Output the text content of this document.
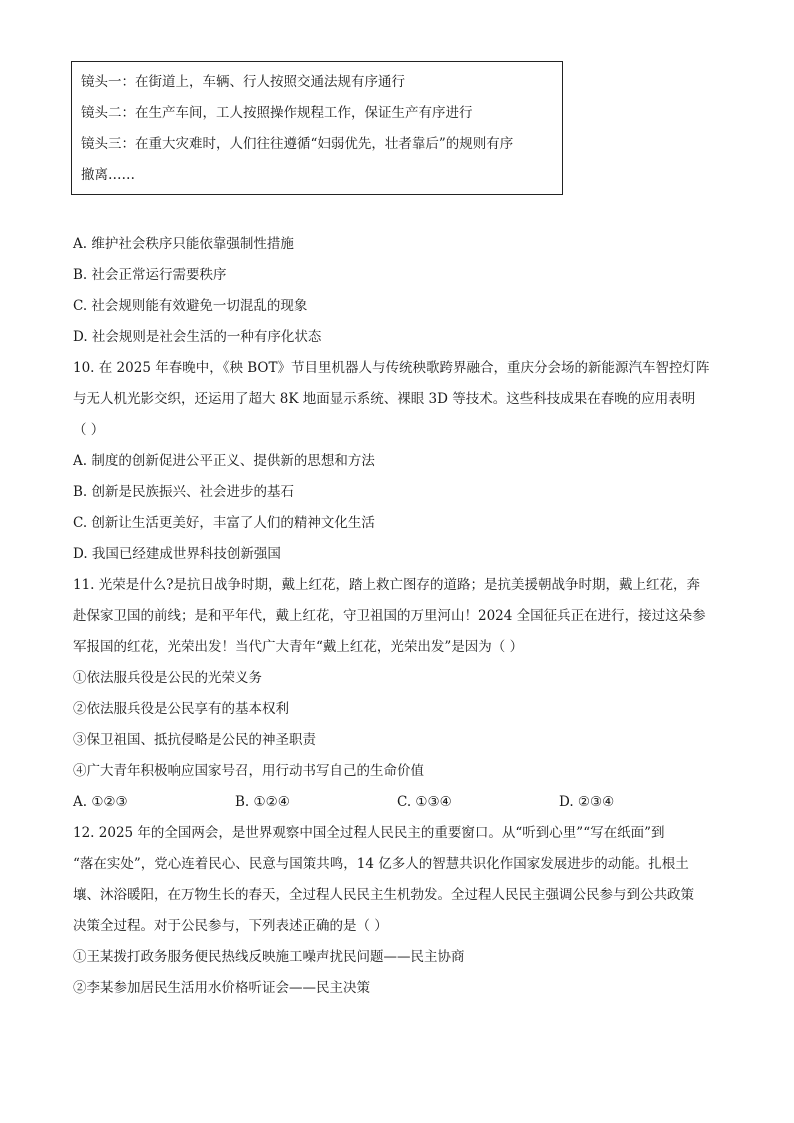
镜头一：在街道上，车辆、行人按照交通法规有序通行
镜头二：在生产车间，工人按照操作规程工作，保证生产有序进行
镜头三：在重大灾难时，人们往往遵循“妇弱优先，壮者靠后”的规则有序
撤离……
A. 维护社会秩序只能依靠强制性措施
B. 社会正常运行需要秩序
C. 社会规则能有效避免一切混乱的现象
D. 社会规则是社会生活的一种有序化状态
10. 在 2025 年春晚中，《秧 BOT》节目里机器人与传统秧歌跨界融合，重庆分会场的新能源汽车智控灯阵
与无人机光影交织，还运用了超大 8K 地面显示系统、裸眼 3D 等技术。这些科技成果在春晚的应用表明
（ ）
A. 制度的创新促进公平正义、提供新的思想和方法
B. 创新是民族振兴、社会进步的基石
C. 创新让生活更美好，丰富了人们的精神文化生活
D. 我国已经建成世界科技创新强国
11. 光荣是什么?是抗日战争时期，戴上红花，踏上救亡图存的道路；是抗美援朝战争时期，戴上红花，奔
赴保家卫国的前线；是和平年代，戴上红花，守卫祖国的万里河山！2024 全国征兵正在进行，接过这朵参
军报国的红花，光荣出发！当代广大青年“戴上红花，光荣出发”是因为（ ）
①依法服兵役是公民的光荣义务
②依法服兵役是公民享有的基本权利
③保卫祖国、抵抗侵略是公民的神圣职责
④广大青年积极响应国家号召，用行动书写自己的生命价值
A. ①②③	B. ①②④	C. ①③④	D. ②③④
12. 2025 年的全国两会，是世界观察中国全过程人民民主的重要窗口。从“听到心里”“写在纸面”到
“落在实处”，党心连着民心、民意与国策共鸣，14 亿多人的智慧共识化作国家发展进步的动能。扎根土
壤、沐浴暖阳，在万物生长的春天，全过程人民民主生机勃发。全过程人民民主强调公民参与到公共政策
决策全过程。对于公民参与，下列表述正确的是（ ）
①王某拨打政务服务便民热线反映施工噪声扰民问题——民主协商
②李某参加居民生活用水价格听证会——民主决策
